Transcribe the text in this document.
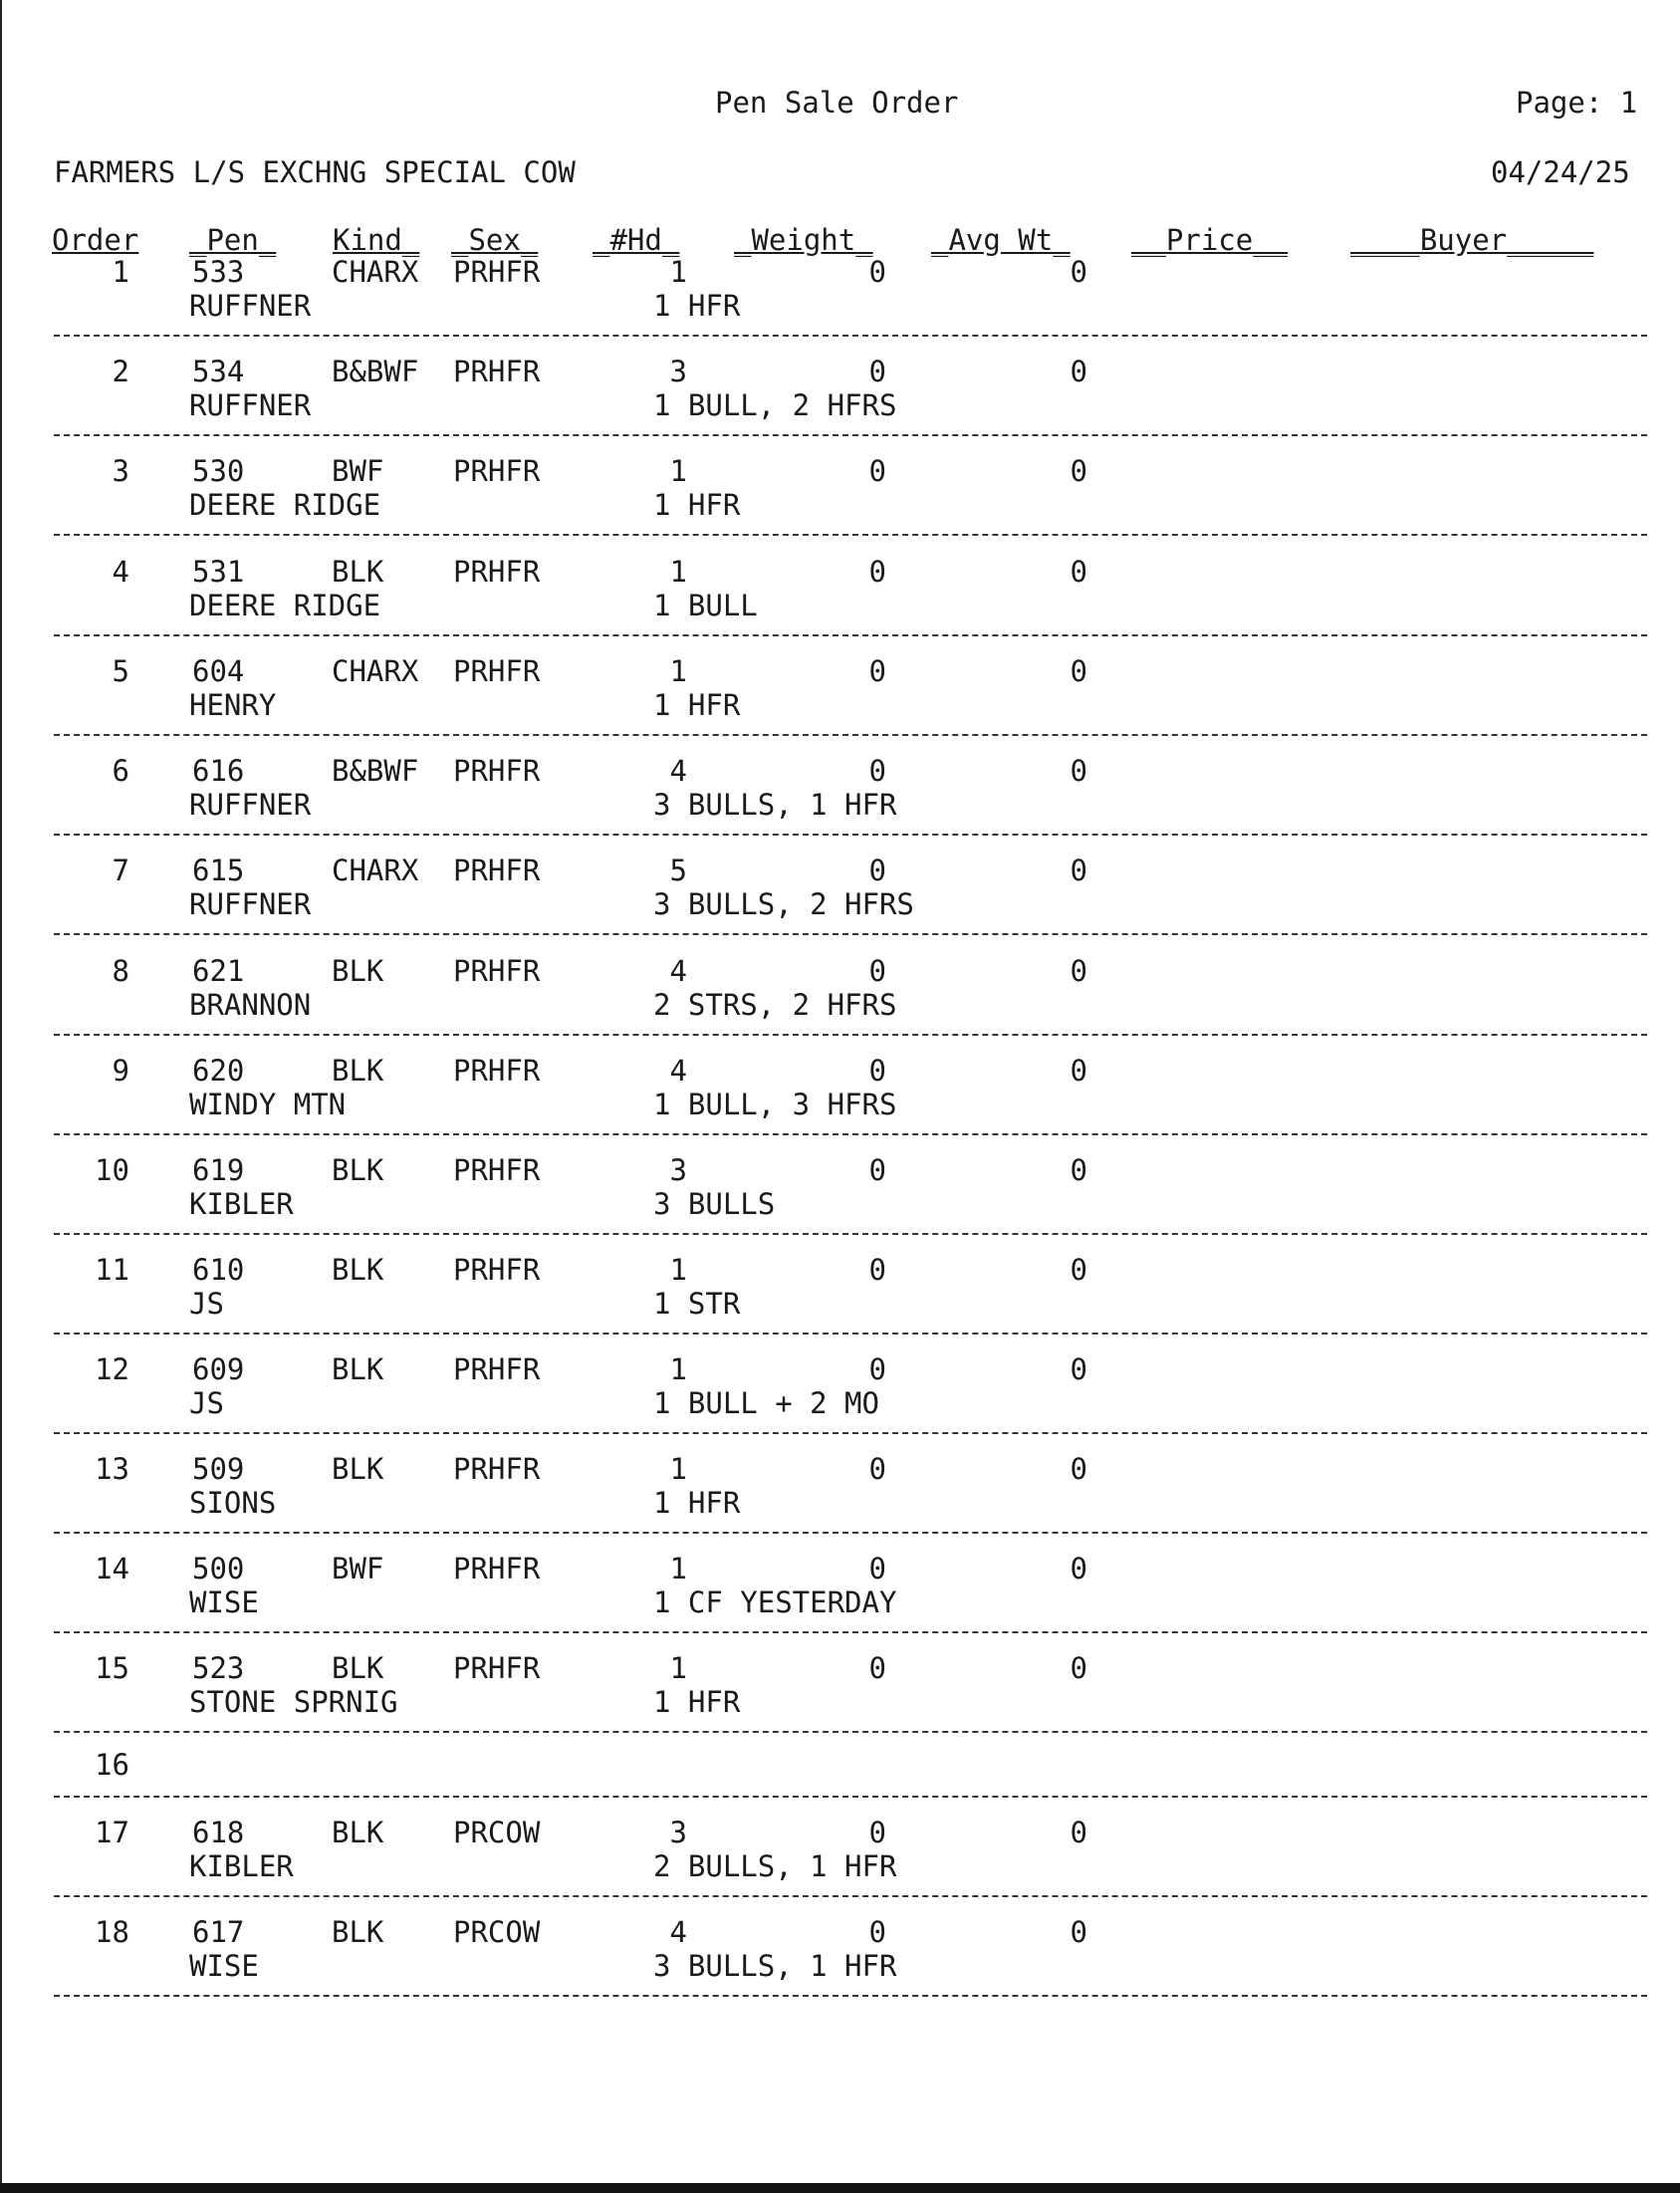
Pen Sale Order	Page: 1
FARMERS L/S EXCHNG SPECIAL COW	04/24/25
Order _Pen_ Kind_ _Sex_ _#Hd_ _Weight_ _Avg Wt_ __Price__ ____Buyer_____
1 533	CHARX PRHFR	1	0	0
RUFFNER	1 HFR
2 534	B&BWF PRHFR	3	0	0
RUFFNER	1 BULL, 2 HFRS
3 530	BWF PRHFR	1	0	0
DEERE RIDGE	1 HFR
4 531	BLK PRHFR	1	0	0
DEERE RIDGE	1 BULL
5 604	CHARX PRHFR	1	0	0
HENRY	1 HFR
6 616	B&BWF PRHFR	4	0	0
RUFFNER	3 BULLS, 1 HFR
7 615	CHARX PRHFR	5	0	0
RUFFNER	3 BULLS, 2 HFRS
8 621	BLK PRHFR	4	0	0
BRANNON	2 STRS, 2 HFRS
9 620	BLK PRHFR	4	0	0
WINDY MTN	1 BULL, 3 HFRS
10 619	BLK PRHFR	3	0	0
KIBLER	3 BULLS
11 610	BLK PRHFR	1	0	0
JS	1 STR
12 609	BLK PRHFR	1	0	0
JS	1 BULL + 2 MO
13 509	BLK PRHFR	1	0	0
SIONS	1 HFR
14 500	BWF PRHFR	1	0	0
WISE	1 CF YESTERDAY
15 523	BLK PRHFR	1	0	0
STONE SPRNIG	1 HFR
16
17 618	BLK PRCOW	3	0	0
KIBLER	2 BULLS, 1 HFR
18 617	BLK PRCOW	4	0	0
WISE	3 BULLS, 1 HFR
